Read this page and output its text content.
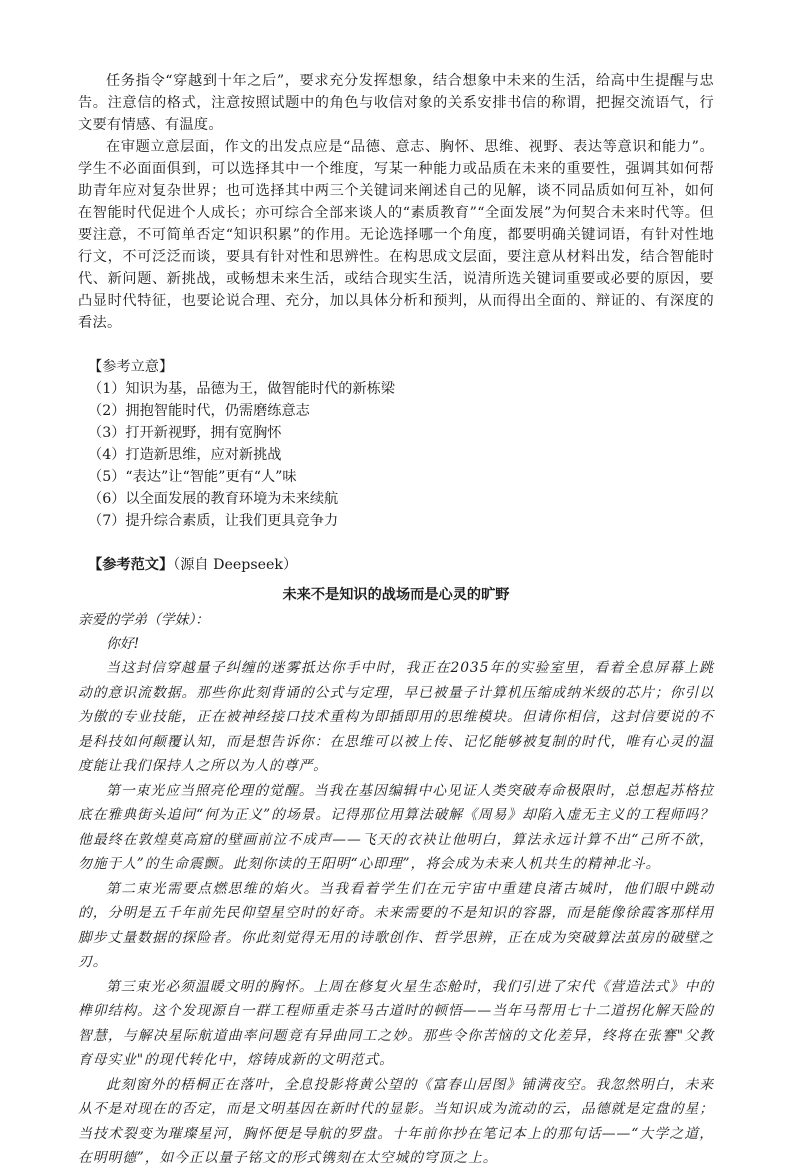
任务指令“穿越到十年之后”，要求充分发挥想象，结合想象中未来的生活，给高中生提醒与忠告。注意信的格式，注意按照试题中的角色与收信对象的关系安排书信的称谓，把握交流语气，行文要有情感、有温度。

在审题立意层面，作文的出发点应是“品德、意志、胸怀、思维、视野、表达等意识和能力”。学生不必面面俱到，可以选择其中一个维度，写某一种能力或品质在未来的重要性，强调其如何帮助青年应对复杂世界；也可选择其中两三个关键词来阐述自己的见解，谈不同品质如何互补，如何在智能时代促进个人成长；亦可综合全部来谈人的“素质教育”“全面发展”为何契合未来时代等。但要注意，不可简单否定“知识积累”的作用。无论选择哪一个角度，都要明确关键词语，有针对性地行文，不可泛泛而谈，要具有针对性和思辨性。在构思成文层面，要注意从材料出发，结合智能时代、新问题、新挑战，或畅想未来生活，或结合现实生活，说清所选关键词重要或必要的原因，要凸显时代特征，也要论说合理、充分，加以具体分析和预判，从而得出全面的、辩证的、有深度的看法。

【参考立意】

（1）知识为基，品德为王，做智能时代的新栋梁

（2）拥抱智能时代，仍需磨练意志

（3）打开新视野，拥有宽胸怀

（4）打造新思维，应对新挑战

（5）“表达”让“智能”更有“人”味

（6）以全面发展的教育环境为未来续航

（7）提升综合素质，让我们更具竞争力

【参考范文】（源自 Deepseek）

未来不是知识的战场而是心灵的旷野

亲爱的学弟（学妹）：

你好!

当这封信穿越量子纠缠的迷雾抵达你手中时，我正在2035年的实验室里，看着全息屏幕上跳动的意识流数据。那些你此刻背诵的公式与定理，早已被量子计算机压缩成纳米级的芯片；你引以为傲的专业技能，正在被神经接口技术重构为即插即用的思维模块。但请你相信，这封信要说的不是科技如何颠覆认知，而是想告诉你：在思维可以被上传、记忆能够被复制的时代，唯有心灵的温度能让我们保持人之所以为人的尊严。

第一束光应当照亮伦理的觉醒。当我在基因编辑中心见证人类突破寿命极限时，总想起苏格拉底在雅典街头追问“何为正义”的场景。记得那位用算法破解《周易》却陷入虚无主义的工程师吗？他最终在敦煌莫高窟的壁画前泣不成声——飞天的衣袂让他明白，算法永远计算不出“己所不欲，勿施于人”的生命震颤。此刻你读的王阳明“心即理”，将会成为未来人机共生的精神北斗。

第二束光需要点燃思维的焰火。当我看着学生们在元宇宙中重建良渚古城时，他们眼中跳动的，分明是五千年前先民仰望星空时的好奇。未来需要的不是知识的容器，而是能像徐霞客那样用脚步丈量数据的探险者。你此刻觉得无用的诗歌创作、哲学思辨，正在成为突破算法茧房的破壁之刃。

第三束光必须温暖文明的胸怀。上周在修复火星生态舱时，我们引进了宋代《营造法式》中的榫卯结构。这个发现源自一群工程师重走茶马古道时的顿悟——当年马帮用七十二道拐化解天险的智慧，与解决星际航道曲率问题竟有异曲同工之妙。那些令你苦恼的文化差异，终将在张謇"父教育母实业"的现代转化中，熔铸成新的文明范式。

此刻窗外的梧桐正在落叶，全息投影将黄公望的《富春山居图》铺满夜空。我忽然明白，未来从不是对现在的否定，而是文明基因在新时代的显影。当知识成为流动的云，品德就是定盘的星；当技术裂变为璀璨星河，胸怀便是导航的罗盘。十年前你抄在笔记本上的那句话——“大学之道，在明明德”，如今正以量子铭文的形式镌刻在太空城的穹顶之上。
